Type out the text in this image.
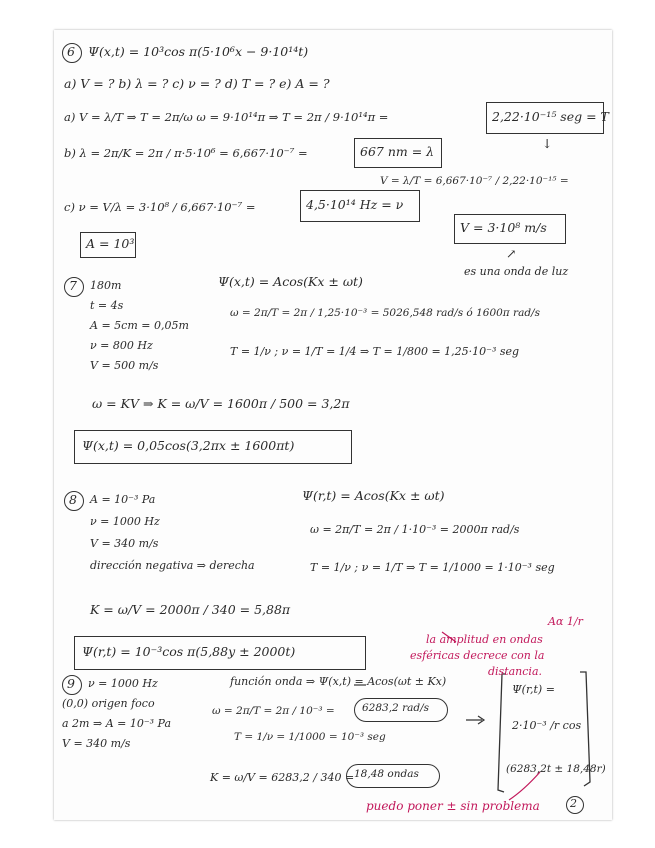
6 Ψ(x,t) = 10³cos π(5·10⁶x − 9·10¹⁴t)
a) V = ? b) λ = ? c) ν = ? d) T = ? e) A = ?
a) V = λ/T ⇒ T = 2π/ω ω = 9·10¹⁴π ⇒ T = 2π / 9·10¹⁴π =	2,22·10⁻¹⁵ seg = T
↓
b) λ = 2π/K = 2π / π·5·10⁶ = 6,667·10⁻⁷ =	667 nm = λ
V = λ/T = 6,667·10⁻⁷ / 2,22·10⁻¹⁵ =
c) ν = V/λ = 3·10⁸ / 6,667·10⁻⁷ =	4,5·10¹⁴ Hz = ν
V = 3·10⁸ m/s
A = 10³
↗
es una onda de luz
7 180m
t = 4s
A = 5cm = 0,05m
ν = 800 Hz
V = 500 m/s
Ψ(x,t) = Acos(Kx ± ωt)
ω = 2π/T = 2π / 1,25·10⁻³ = 5026,548 rad/s ó 1600π rad/s
T = 1/ν ; ν = 1/T = 1/4 ⇒ T = 1/800 = 1,25·10⁻³ seg
ω = KV ⇒ K = ω/V = 1600π / 500 = 3,2π
Ψ(x,t) = 0,05cos(3,2πx ± 1600πt)
8 A = 10⁻³ Pa
ν = 1000 Hz
V = 340 m/s
dirección negativa ⇒ derecha
Ψ(r,t) = Acos(Kx ± ωt)
ω = 2π/T = 2π / 1·10⁻³ = 2000π rad/s
T = 1/ν ; ν = 1/T ⇒ T = 1/1000 = 1·10⁻³ seg
K = ω/V = 2000π / 340 = 5,88π
Ψ(r,t) = 10⁻³cos π(5,88y ± 2000t)
Aα 1/r
la amplitud en ondas
esféricas decrece con la
distancia.
9 ν = 1000 Hz
(0,0) origen foco
a 2m ⇒ A = 10⁻³ Pa
V = 340 m/s
función onda ⇒ Ψ(x,t) = Acos(ωt ± Kx)
ω = 2π/T = 2π / 10⁻³ =	6283,2 rad/s
T = 1/ν = 1/1000 = 10⁻³ seg
K = ω/V = 6283,2 / 340 = 18,48 ondas
Ψ(r,t) =
2·10⁻³ /r cos
(6283,2t ± 18,48r)
puedo poner ± sin problema	2
